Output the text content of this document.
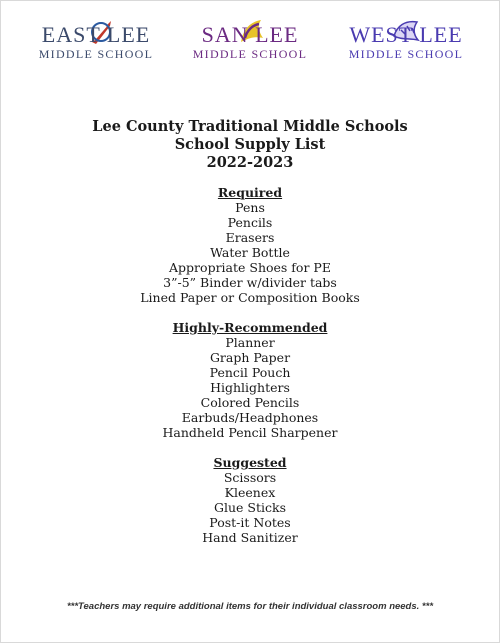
EAST LEE
MIDDLE SCHOOL
SAN LEE
MIDDLE SCHOOL
WEST LEE
MIDDLE SCHOOL
Lee County Traditional Middle Schools
School Supply List
2022-2023
Required
Pens
Pencils
Erasers
Water Bottle
Appropriate Shoes for PE
3”-5” Binder w/divider tabs
Lined Paper or Composition Books
Highly-Recommended
Planner
Graph Paper
Pencil Pouch
Highlighters
Colored Pencils
Earbuds/Headphones
Handheld Pencil Sharpener
Suggested
Scissors
Kleenex
Glue Sticks
Post-it Notes
Hand Sanitizer
***Teachers may require additional items for their individual classroom needs. ***
